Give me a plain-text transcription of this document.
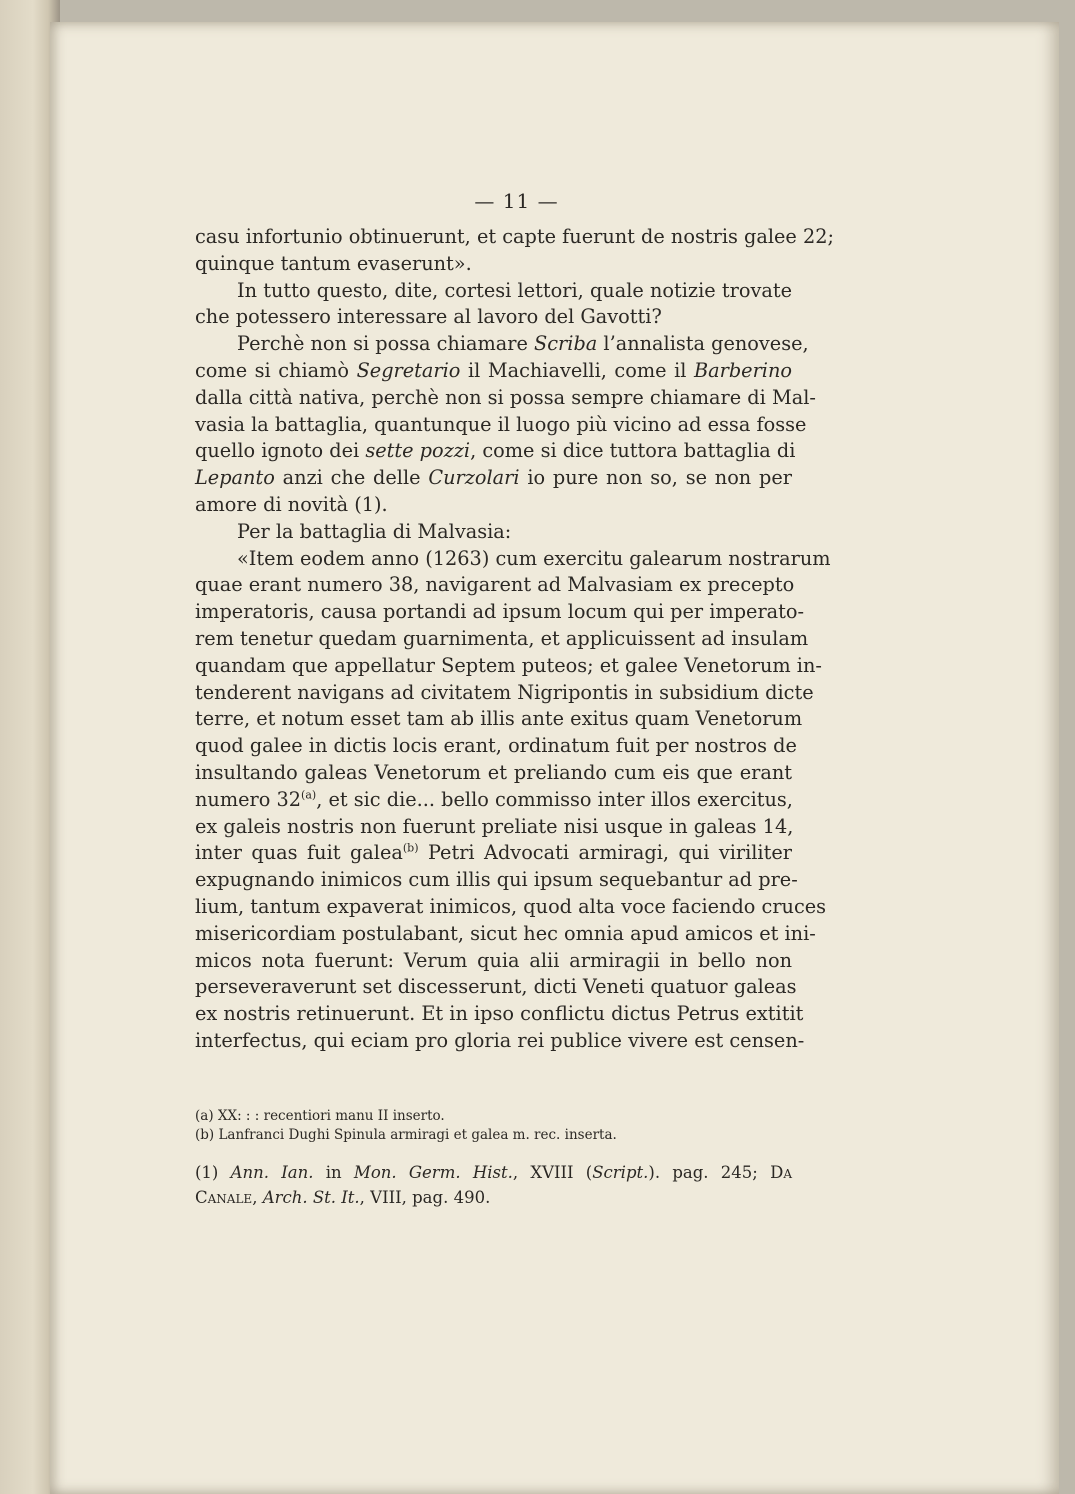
— 11 —
casu infortunio obtinuerunt, et capte fuerunt de nostris galee 22;
quinque tantum evaserunt».
In tutto questo, dite, cortesi lettori, quale notizie trovate
che potessero interessare al lavoro del Gavotti?
Perchè non si possa chiamare Scriba l’annalista genovese,
come si chiamò Segretario il Machiavelli, come il Barberino
dalla città nativa, perchè non si possa sempre chiamare di Mal-
vasia la battaglia, quantunque il luogo più vicino ad essa fosse
quello ignoto dei sette pozzi, come si dice tuttora battaglia di
Lepanto anzi che delle Curzolari io pure non so, se non per
amore di novità (1).
Per la battaglia di Malvasia:
«Item eodem anno (1263) cum exercitu galearum nostrarum
quae erant numero 38, navigarent ad Malvasiam ex precepto
imperatoris, causa portandi ad ipsum locum qui per imperato-
rem tenetur quedam guarnimenta, et applicuissent ad insulam
quandam que appellatur Septem puteos; et galee Venetorum in-
tenderent navigans ad civitatem Nigripontis in subsidium dicte
terre, et notum esset tam ab illis ante exitus quam Venetorum
quod galee in dictis locis erant, ordinatum fuit per nostros de
insultando galeas Venetorum et preliando cum eis que erant
numero 32$^{(a)}$, et sic die... bello commisso inter illos exercitus,
ex galeis nostris non fuerunt preliate nisi usque in galeas 14,
inter quas fuit galea$^{(b)}$ Petri Advocati armiragi, qui viriliter
expugnando inimicos cum illis qui ipsum sequebantur ad pre-
lium, tantum expaverat inimicos, quod alta voce faciendo cruces
misericordiam postulabant, sicut hec omnia apud amicos et ini-
micos nota fuerunt: Verum quia alii armiragii in bello non
perseveraverunt set discesserunt, dicti Veneti quatuor galeas
ex nostris retinuerunt. Et in ipso conflictu dictus Petrus extitit
interfectus, qui eciam pro gloria rei publice vivere est censen-
(a) XX: : : recentiori manu II inserto.
(b) Lanfranci Dughi Spinula armiragi et galea m. rec. inserta.
(1) Ann. Ian. in Mon. Germ. Hist., XVIII (Script.). pag. 245; Da
Canale, Arch. St. It., VIII, pag. 490.
